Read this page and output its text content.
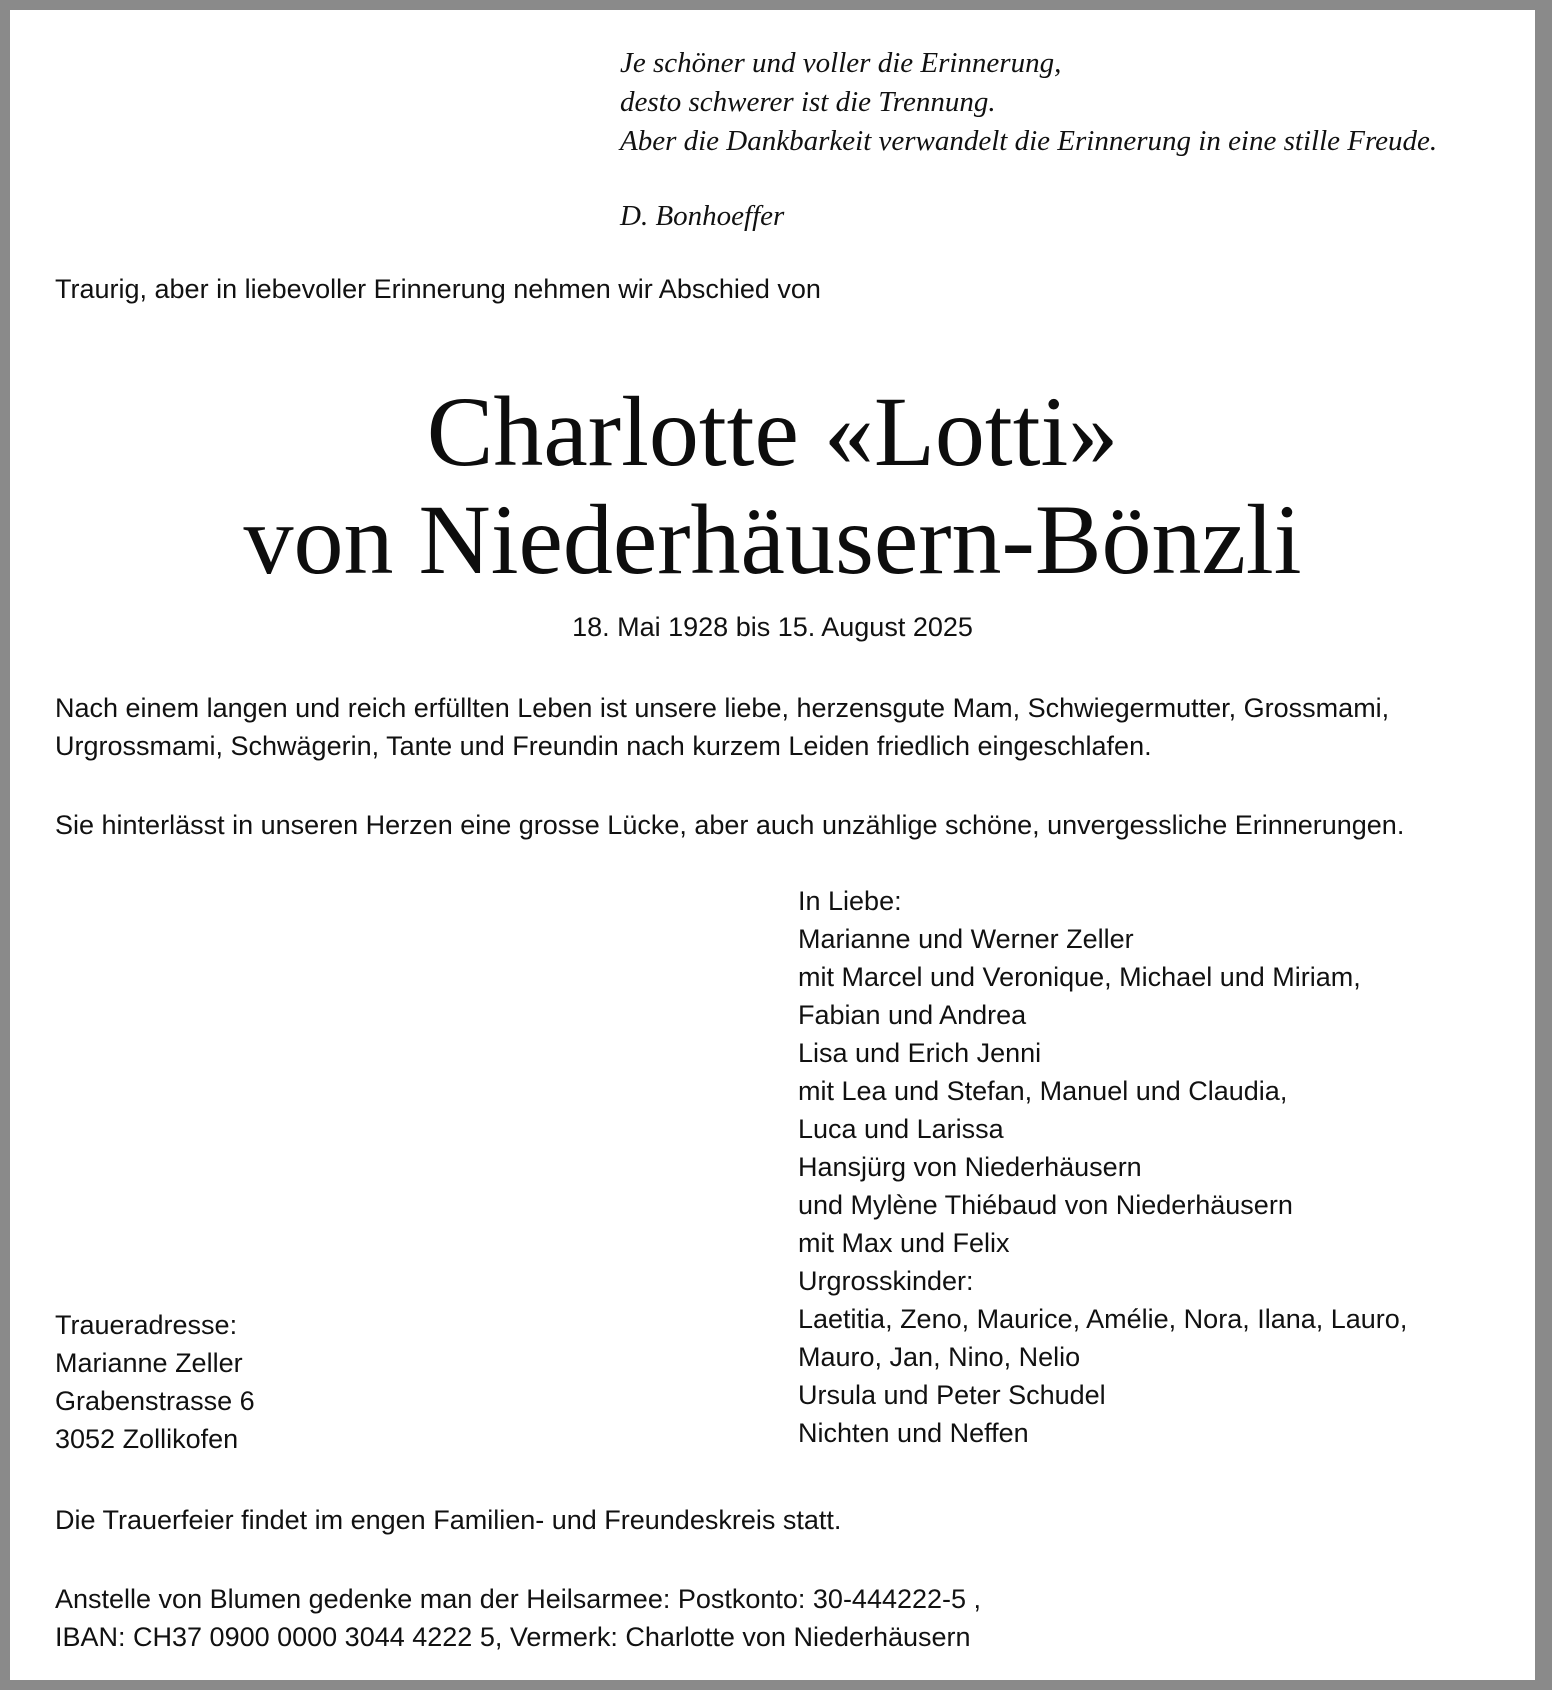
Je schöner und voller die Erinnerung,
desto schwerer ist die Trennung.
Aber die Dankbarkeit verwandelt die Erinnerung in eine stille Freude.
D. Bonhoeffer
Traurig, aber in liebevoller Erinnerung nehmen wir Abschied von
Charlotte «Lotti»
von Niederhäusern-Bönzli
18. Mai 1928 bis 15. August 2025
Nach einem langen und reich erfüllten Leben ist unsere liebe, herzensgute Mam, Schwiegermutter, Grossmami,
Urgrossmami, Schwägerin, Tante und Freundin nach kurzem Leiden friedlich eingeschlafen.
Sie hinterlässt in unseren Herzen eine grosse Lücke, aber auch unzählige schöne, unvergessliche Erinnerungen.
In Liebe:
Marianne und Werner Zeller
mit Marcel und Veronique, Michael und Miriam,
Fabian und Andrea
Lisa und Erich Jenni
mit Lea und Stefan, Manuel und Claudia,
Luca und Larissa
Hansjürg von Niederhäusern
und Mylène Thiébaud von Niederhäusern
mit Max und Felix
Urgrosskinder:
Laetitia, Zeno, Maurice, Amélie, Nora, Ilana, Lauro,
Mauro, Jan, Nino, Nelio
Ursula und Peter Schudel
Nichten und Neffen
Traueradresse:
Marianne Zeller
Grabenstrasse 6
3052 Zollikofen
Die Trauerfeier findet im engen Familien- und Freundeskreis statt.
Anstelle von Blumen gedenke man der Heilsarmee: Postkonto: 30-444222-5 ,
IBAN: CH37 0900 0000 3044 4222 5, Vermerk: Charlotte von Niederhäusern
